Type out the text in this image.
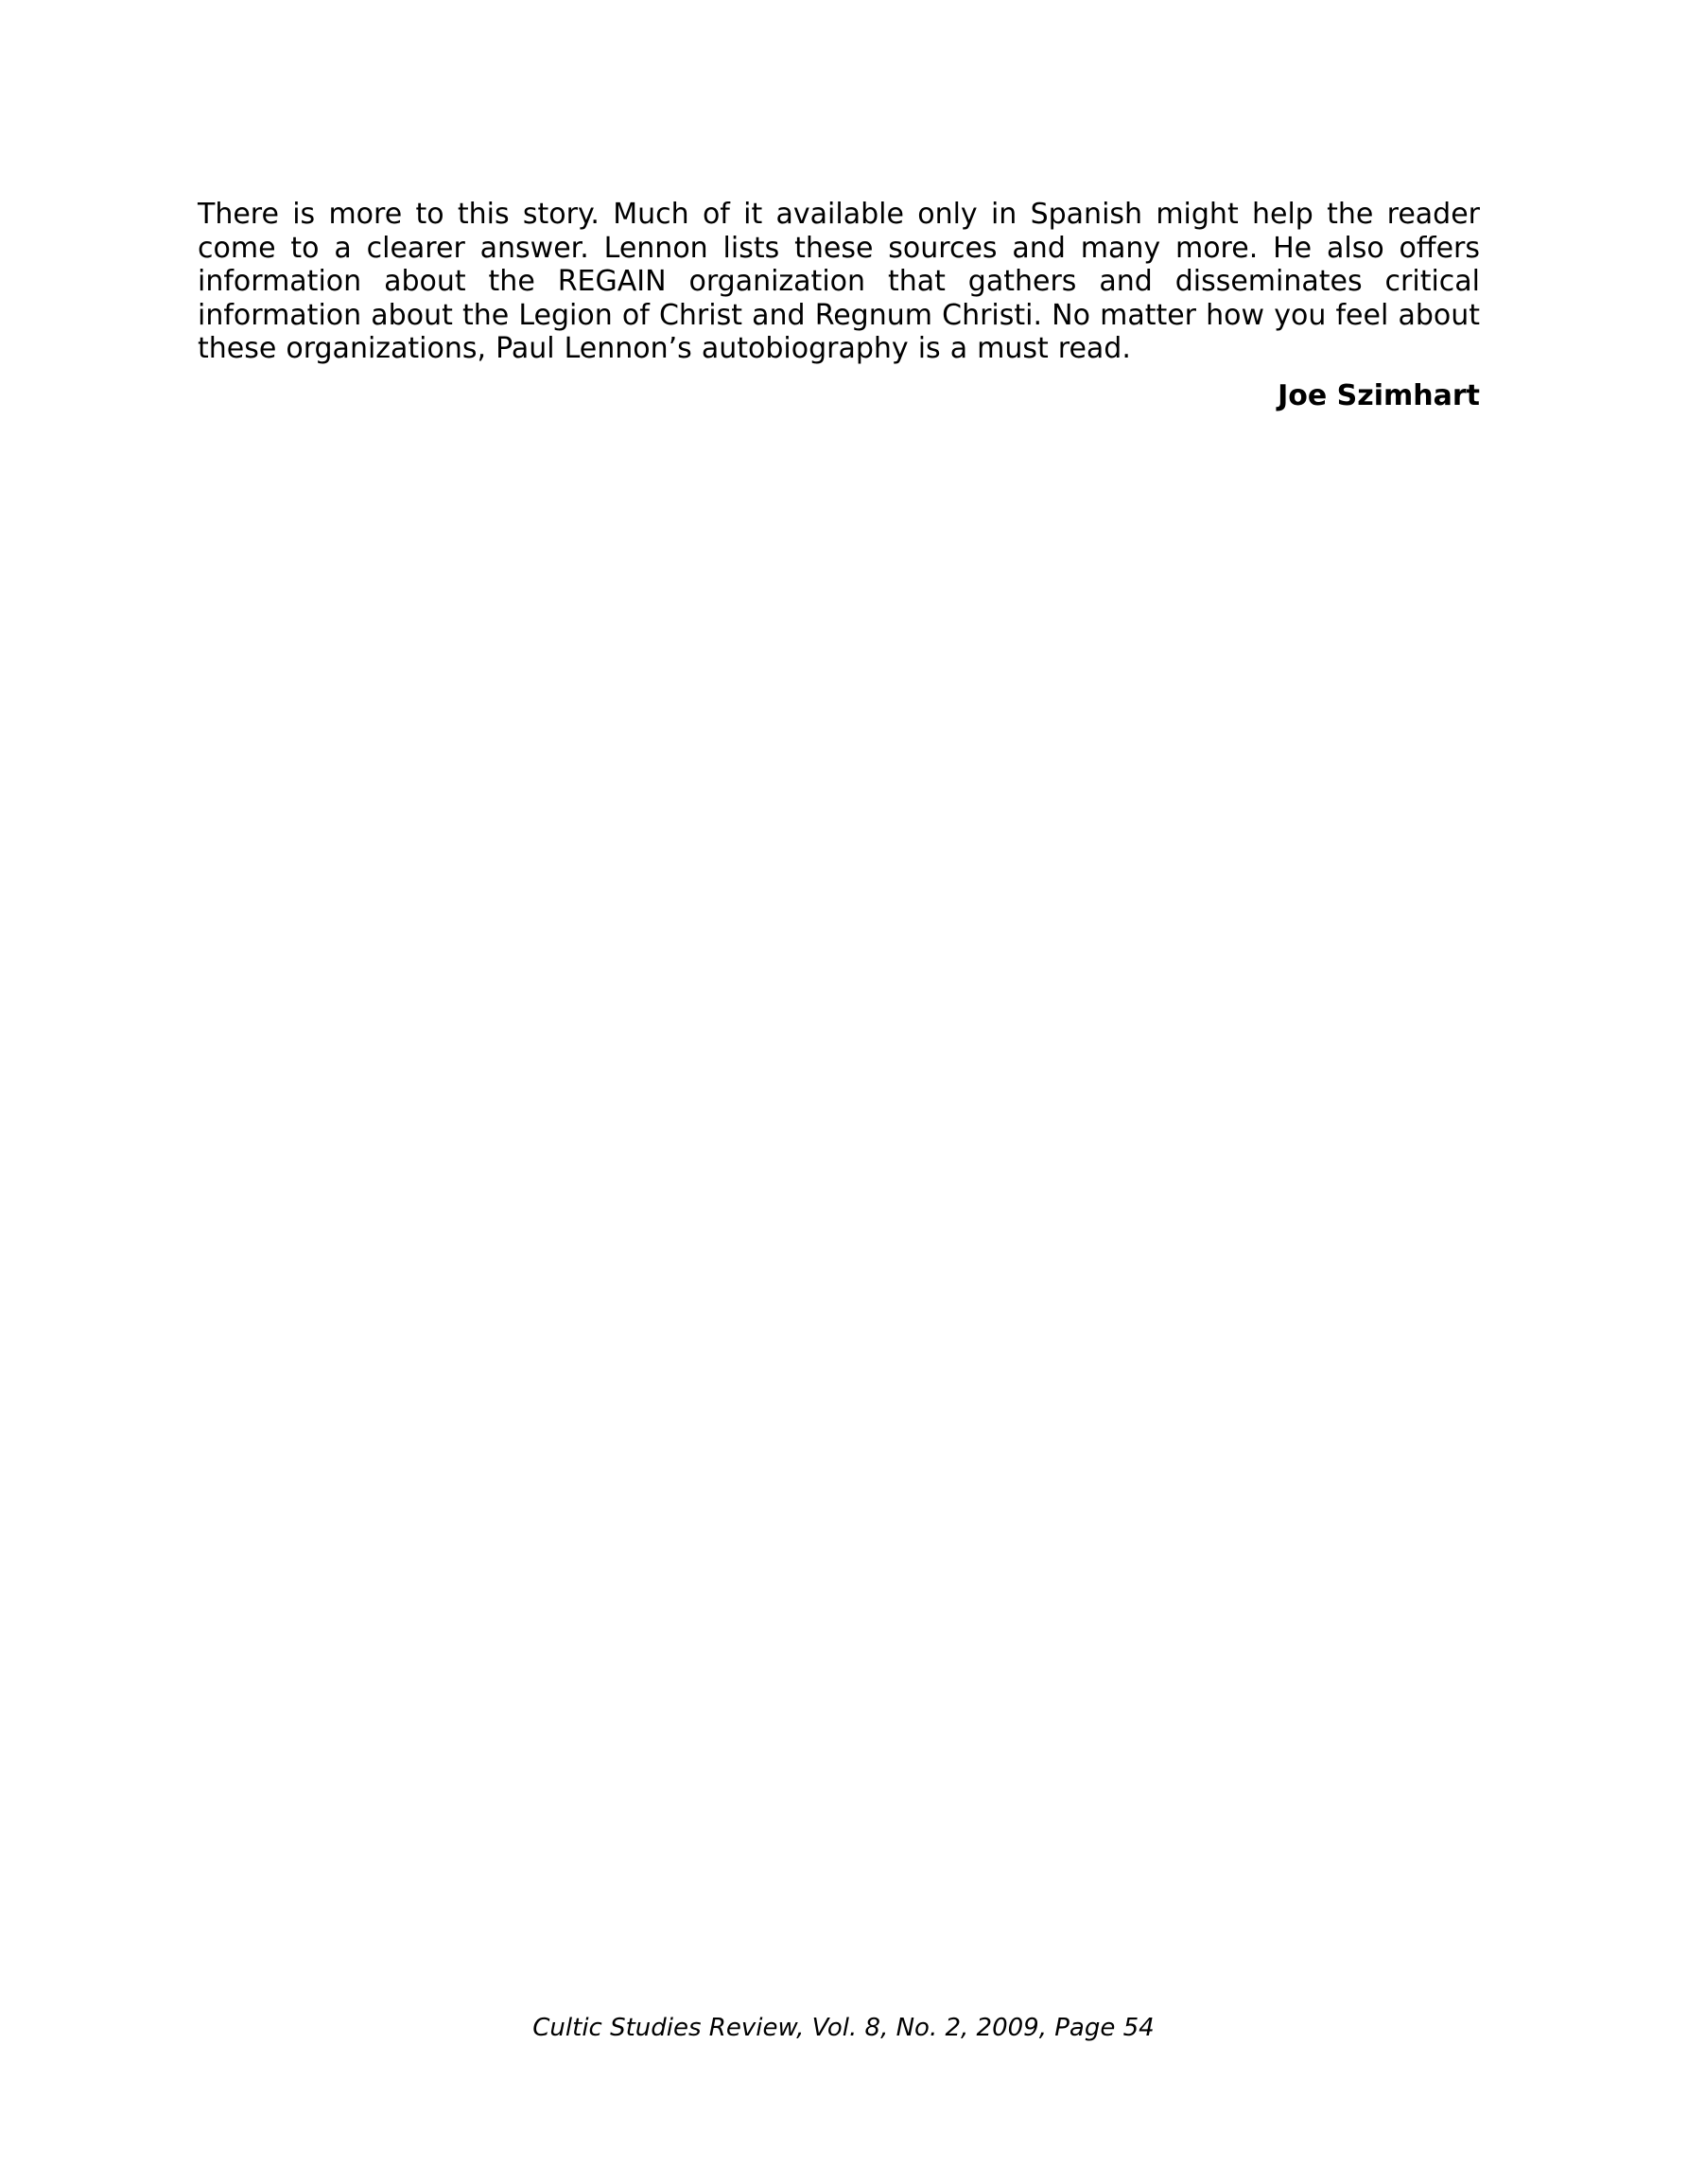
There is more to this story. Much of it available only in Spanish might help the reader come to a clearer answer. Lennon lists these sources and many more. He also offers information about the REGAIN organization that gathers and disseminates critical information about the Legion of Christ and Regnum Christi. No matter how you feel about these organizations, Paul Lennon’s autobiography is a must read.

Joe Szimhart

Cultic Studies Review, Vol. 8, No. 2, 2009, Page 54
